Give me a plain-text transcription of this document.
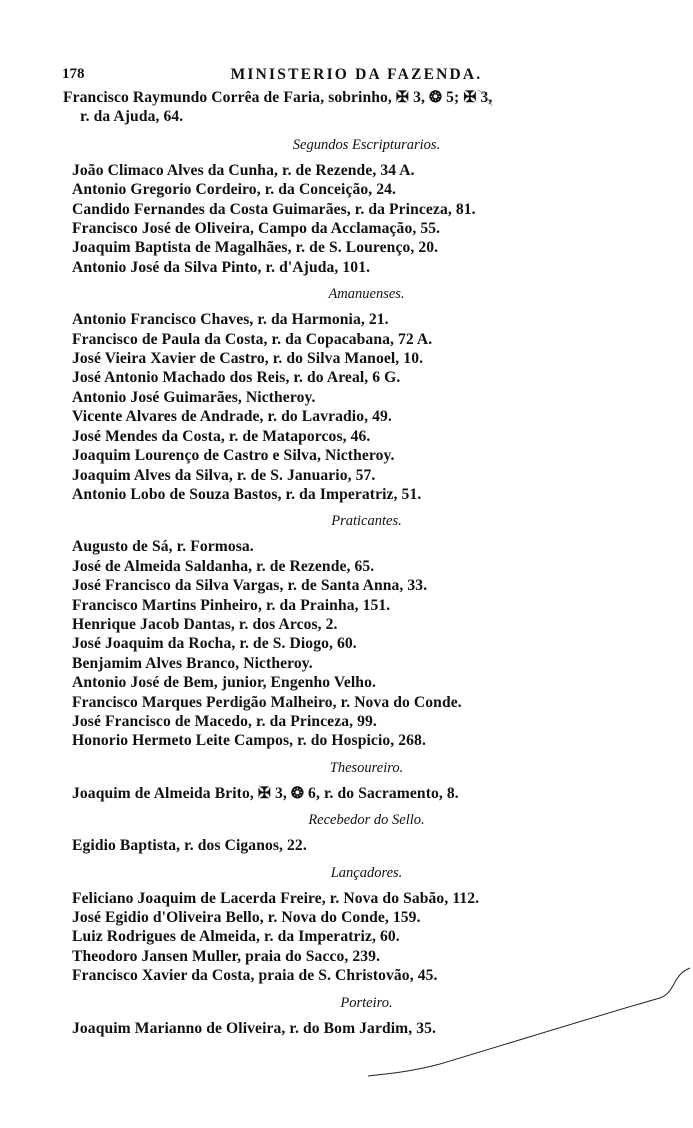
178	MINISTERIO DA FAZENDA.
Francisco Raymundo Corrêa de Faria, sobrinho, ✠ 3, ❂ 5; ✠ 3,
r. da Ajuda, 64.
Segundos Escripturarios.
João Climaco Alves da Cunha, r. de Rezende, 34 A.
Antonio Gregorio Cordeiro, r. da Conceição, 24.
Candido Fernandes da Costa Guimarães, r. da Princeza, 81.
Francisco José de Oliveira, Campo da Acclamação, 55.
Joaquim Baptista de Magalhães, r. de S. Lourenço, 20.
Antonio José da Silva Pinto, r. d'Ajuda, 101.
Amanuenses.
Antonio Francisco Chaves, r. da Harmonia, 21.
Francisco de Paula da Costa, r. da Copacabana, 72 A.
José Vieira Xavier de Castro, r. do Silva Manoel, 10.
José Antonio Machado dos Reis, r. do Areal, 6 G.
Antonio José Guimarães, Nictheroy.
Vicente Alvares de Andrade, r. do Lavradio, 49.
José Mendes da Costa, r. de Mataporcos, 46.
Joaquim Lourenço de Castro e Silva, Nictheroy.
Joaquim Alves da Silva, r. de S. Januario, 57.
Antonio Lobo de Souza Bastos, r. da Imperatriz, 51.
Praticantes.
Augusto de Sá, r. Formosa.
José de Almeida Saldanha, r. de Rezende, 65.
José Francisco da Silva Vargas, r. de Santa Anna, 33.
Francisco Martins Pinheiro, r. da Prainha, 151.
Henrique Jacob Dantas, r. dos Arcos, 2.
José Joaquim da Rocha, r. de S. Diogo, 60.
Benjamim Alves Branco, Nictheroy.
Antonio José de Bem, junior, Engenho Velho.
Francisco Marques Perdigão Malheiro, r. Nova do Conde.
José Francisco de Macedo, r. da Princeza, 99.
Honorio Hermeto Leite Campos, r. do Hospicio, 268.
Thesoureiro.
Joaquim de Almeida Brito, ✠ 3, ❂ 6, r. do Sacramento, 8.
Recebedor do Sello.
Egidio Baptista, r. dos Ciganos, 22.
Lançadores.
Feliciano Joaquim de Lacerda Freire, r. Nova do Sabão, 112.
José Egidio d'Oliveira Bello, r. Nova do Conde, 159.
Luiz Rodrigues de Almeida, r. da Imperatriz, 60.
Theodoro Jansen Muller, praia do Sacco, 239.
Francisco Xavier da Costa, praia de S. Christovão, 45.
Porteiro.
Joaquim Marianno de Oliveira, r. do Bom Jardim, 35.
